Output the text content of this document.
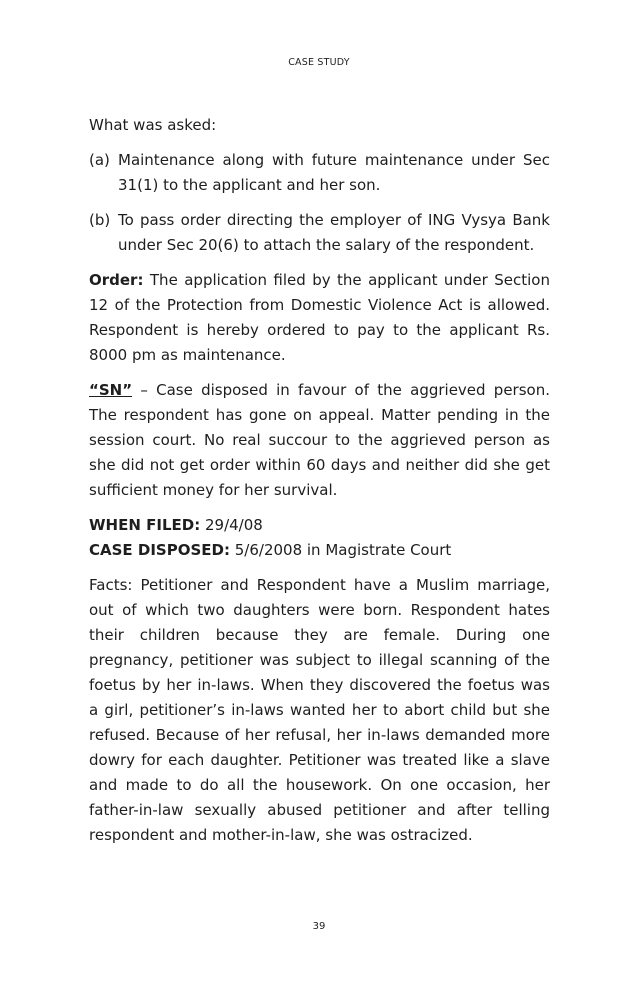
CASE STUDY

What was asked:

(a) Maintenance along with future maintenance under Sec 31(1) to the applicant and her son.
(b) To pass order directing the employer of ING Vysya Bank under Sec 20(6) to attach the salary of the respondent.

Order: The application filed by the applicant under Section 12 of the Protection from Domestic Violence Act is allowed. Respondent is hereby ordered to pay to the applicant Rs. 8000 pm as maintenance.

“SN” – Case disposed in favour of the aggrieved person. The respondent has gone on appeal. Matter pending in the session court. No real succour to the aggrieved person as she did not get order within 60 days and neither did she get sufficient money for her survival.

WHEN FILED: 29/4/08

CASE DISPOSED: 5/6/2008 in Magistrate Court

Facts: Petitioner and Respondent have a Muslim marriage, out of which two daughters were born. Respondent hates their children because they are female. During one pregnancy, petitioner was subject to illegal scanning of the foetus by her in-laws. When they discovered the foetus was a girl, petitioner’s in-laws wanted her to abort child but she refused. Because of her refusal, her in-laws demanded more dowry for each daughter. Petitioner was treated like a slave and made to do all the housework. On one occasion, her father-in-law sexually abused petitioner and after telling respondent and mother-in-law, she was ostracized.

39
